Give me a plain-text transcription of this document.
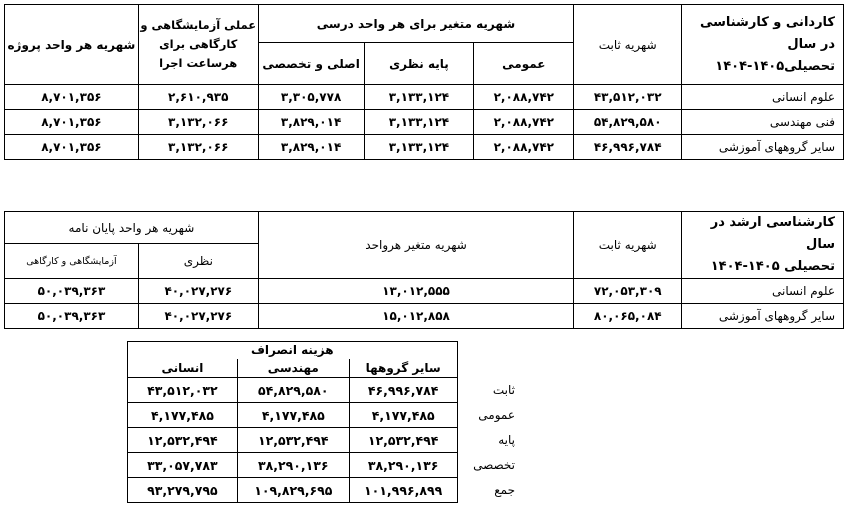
کاردانی و کارشناسی در سال
تحصیلی۱۴۰۵-۱۴۰۴	شهریه ثابت	شهریه متغیر برای هر واحد درسی			عملی آزمایشگاهی و کارگاهی برای هرساعت اجرا	شهریه هر واحد پروژه
		عمومی	پایه نظری	اصلی و تخصصی		
علوم انسانی	۴۳,۵۱۲,۰۳۲	۲,۰۸۸,۷۴۲	۳,۱۳۳,۱۲۴	۳,۳۰۵,۷۷۸	۲,۶۱۰,۹۳۵	۸,۷۰۱,۳۵۶
فنی مهندسی	۵۴,۸۲۹,۵۸۰	۲,۰۸۸,۷۴۲	۳,۱۳۳,۱۲۴	۳,۸۲۹,۰۱۴	۳,۱۳۲,۰۶۶	۸,۷۰۱,۳۵۶
سایر گروههای آموزشی	۴۶,۹۹۶,۷۸۴	۲,۰۸۸,۷۴۲	۳,۱۳۳,۱۲۴	۳,۸۲۹,۰۱۴	۳,۱۳۲,۰۶۶	۸,۷۰۱,۳۵۶
کارشناسی ارشد در سال
تحصیلی ۱۴۰۵-۱۴۰۴	شهریه ثابت	شهریه متغیر هرواحد	شهریه هر واحد پایان نامه	
			نظری	آزمایشگاهی و کارگاهی
علوم انسانی	۷۲,۰۵۳,۳۰۹	۱۳,۰۱۲,۵۵۵	۴۰,۰۲۷,۲۷۶	۵۰,۰۳۹,۳۶۳
سایر گروههای آموزشی	۸۰,۰۶۵,۰۸۴	۱۵,۰۱۲,۸۵۸	۴۰,۰۲۷,۲۷۶	۵۰,۰۳۹,۳۶۳
	هزینه انصراف		
	سایر گروهها	مهندسی	انسانی
ثابت	۴۶,۹۹۶,۷۸۴	۵۴,۸۲۹,۵۸۰	۴۳,۵۱۲,۰۳۲
عمومی	۴,۱۷۷,۴۸۵	۴,۱۷۷,۴۸۵	۴,۱۷۷,۴۸۵
پایه	۱۲,۵۳۲,۴۹۴	۱۲,۵۳۲,۴۹۴	۱۲,۵۳۲,۴۹۴
تخصصی	۳۸,۲۹۰,۱۳۶	۳۸,۲۹۰,۱۳۶	۳۳,۰۵۷,۷۸۳
جمع	۱۰۱,۹۹۶,۸۹۹	۱۰۹,۸۲۹,۶۹۵	۹۳,۲۷۹,۷۹۵
